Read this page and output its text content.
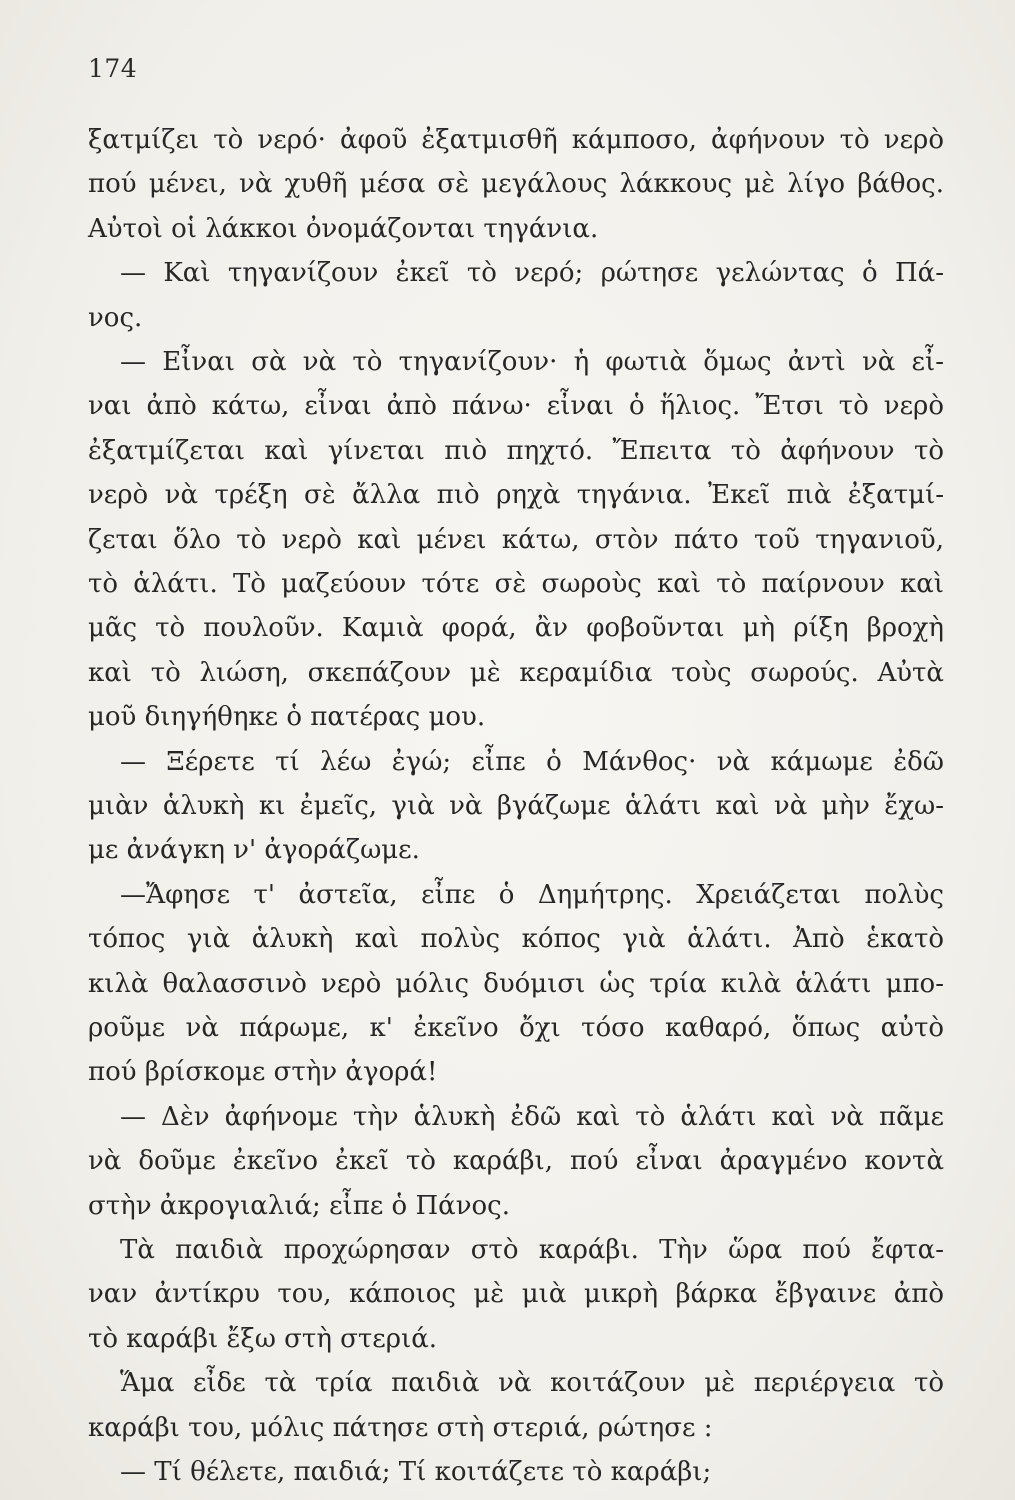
174
ξατμίζει τὸ νερό· ἀφοῦ ἐξατμισθῆ κάμποσο, ἀφήνουν τὸ νερὸ
πού μένει, νὰ χυθῆ μέσα σὲ μεγάλους λάκκους μὲ λίγο βάθος.
Αὐτοὶ οἱ λάκκοι ὀνομάζονται τηγάνια.
— Καὶ τηγανίζουν ἐκεῖ τὸ νερό; ρώτησε γελώντας ὁ Πά-
νος.
— Εἶναι σὰ νὰ τὸ τηγανίζουν· ἡ φωτιὰ ὅμως ἀντὶ νὰ εἶ-
ναι ἀπὸ κάτω, εἶναι ἀπὸ πάνω· εἶναι ὁ ἥλιος. Ἔτσι τὸ νερὸ
ἐξατμίζεται καὶ γίνεται πιὸ πηχτό. Ἔπειτα τὸ ἀφήνουν τὸ
νερὸ νὰ τρέξη σὲ ἄλλα πιὸ ρηχὰ τηγάνια. Ἐκεῖ πιὰ ἐξατμί-
ζεται ὅλο τὸ νερὸ καὶ μένει κάτω, στὸν πάτο τοῦ τηγανιοῦ,
τὸ ἁλάτι. Τὸ μαζεύουν τότε σὲ σωροὺς καὶ τὸ παίρνουν καὶ
μᾶς τὸ πουλοῦν. Καμιὰ φορά, ἂν φοβοῦνται μὴ ρίξη βροχὴ
καὶ τὸ λιώση, σκεπάζουν μὲ κεραμίδια τοὺς σωρούς. Αὐτὰ
μοῦ διηγήθηκε ὁ πατέρας μου.
— Ξέρετε τί λέω ἐγώ; εἶπε ὁ Μάνθος· νὰ κάμωμε ἐδῶ
μιὰν ἁλυκὴ κι ἐμεῖς, γιὰ νὰ βγάζωμε ἁλάτι καὶ νὰ μὴν ἔχω-
με ἀνάγκη ν' ἀγοράζωμε.
—Ἄφησε τ' ἀστεῖα, εἶπε ὁ Δημήτρης. Χρειάζεται πολὺς
τόπος γιὰ ἁλυκὴ καὶ πολὺς κόπος γιὰ ἁλάτι. Ἀπὸ ἑκατὸ
κιλὰ θαλασσινὸ νερὸ μόλις δυόμισι ὡς τρία κιλὰ ἁλάτι μπο-
ροῦμε νὰ πάρωμε, κ' ἐκεῖνο ὄχι τόσο καθαρό, ὅπως αὐτὸ
πού βρίσκομε στὴν ἀγορά!
— Δὲν ἀφήνομε τὴν ἁλυκὴ ἐδῶ καὶ τὸ ἁλάτι καὶ νὰ πᾶμε
νὰ δοῦμε ἐκεῖνο ἐκεῖ τὸ καράβι, πού εἶναι ἀραγμένο κοντὰ
στὴν ἀκρογιαλιά; εἶπε ὁ Πάνος.
Τὰ παιδιὰ προχώρησαν στὸ καράβι. Τὴν ὥρα πού ἔφτα-
ναν ἀντίκρυ του, κάποιος μὲ μιὰ μικρὴ βάρκα ἔβγαινε ἀπὸ
τὸ καράβι ἔξω στὴ στεριά.
Ἅμα εἶδε τὰ τρία παιδιὰ νὰ κοιτάζουν μὲ περιέργεια τὸ
καράβι του, μόλις πάτησε στὴ στεριά, ρώτησε :
— Τί θέλετε, παιδιά; Τί κοιτάζετε τὸ καράβι;
